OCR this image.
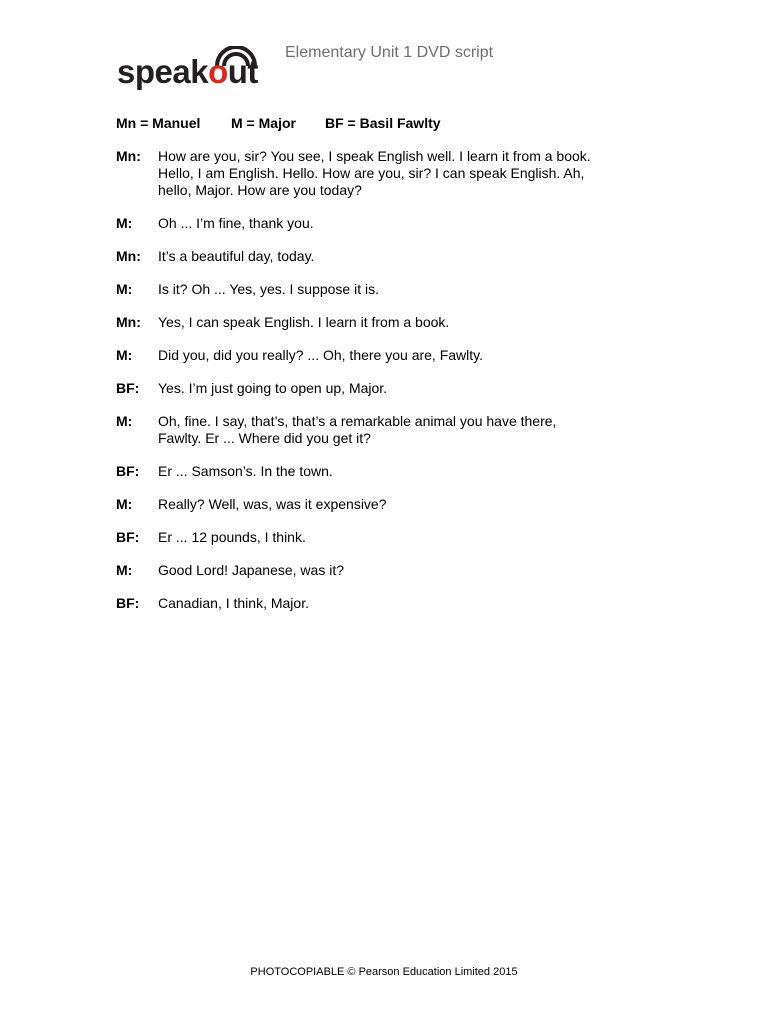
speakout
Elementary Unit 1 DVD script
Mn = Manuel M = Major BF = Basil Fawlty
Mn:	How are you, sir? You see, I speak English well. I learn it from a book.
Hello, I am English. Hello. How are you, sir? I can speak English. Ah,
hello, Major. How are you today?
M:	Oh ... I’m fine, thank you.
Mn:	It’s a beautiful day, today.
M:	Is it? Oh ... Yes, yes. I suppose it is.
Mn:	Yes, I can speak English. I learn it from a book.
M:	Did you, did you really? ... Oh, there you are, Fawlty.
BF:	Yes. I’m just going to open up, Major.
M:	Oh, fine. I say, that’s, that’s a remarkable animal you have there,
Fawlty. Er ... Where did you get it?
BF:	Er ... Samson’s. In the town.
M:	Really? Well, was, was it expensive?
BF:	Er ... 12 pounds, I think.
M:	Good Lord! Japanese, was it?
BF:	Canadian, I think, Major.
PHOTOCOPIABLE © Pearson Education Limited 2015
